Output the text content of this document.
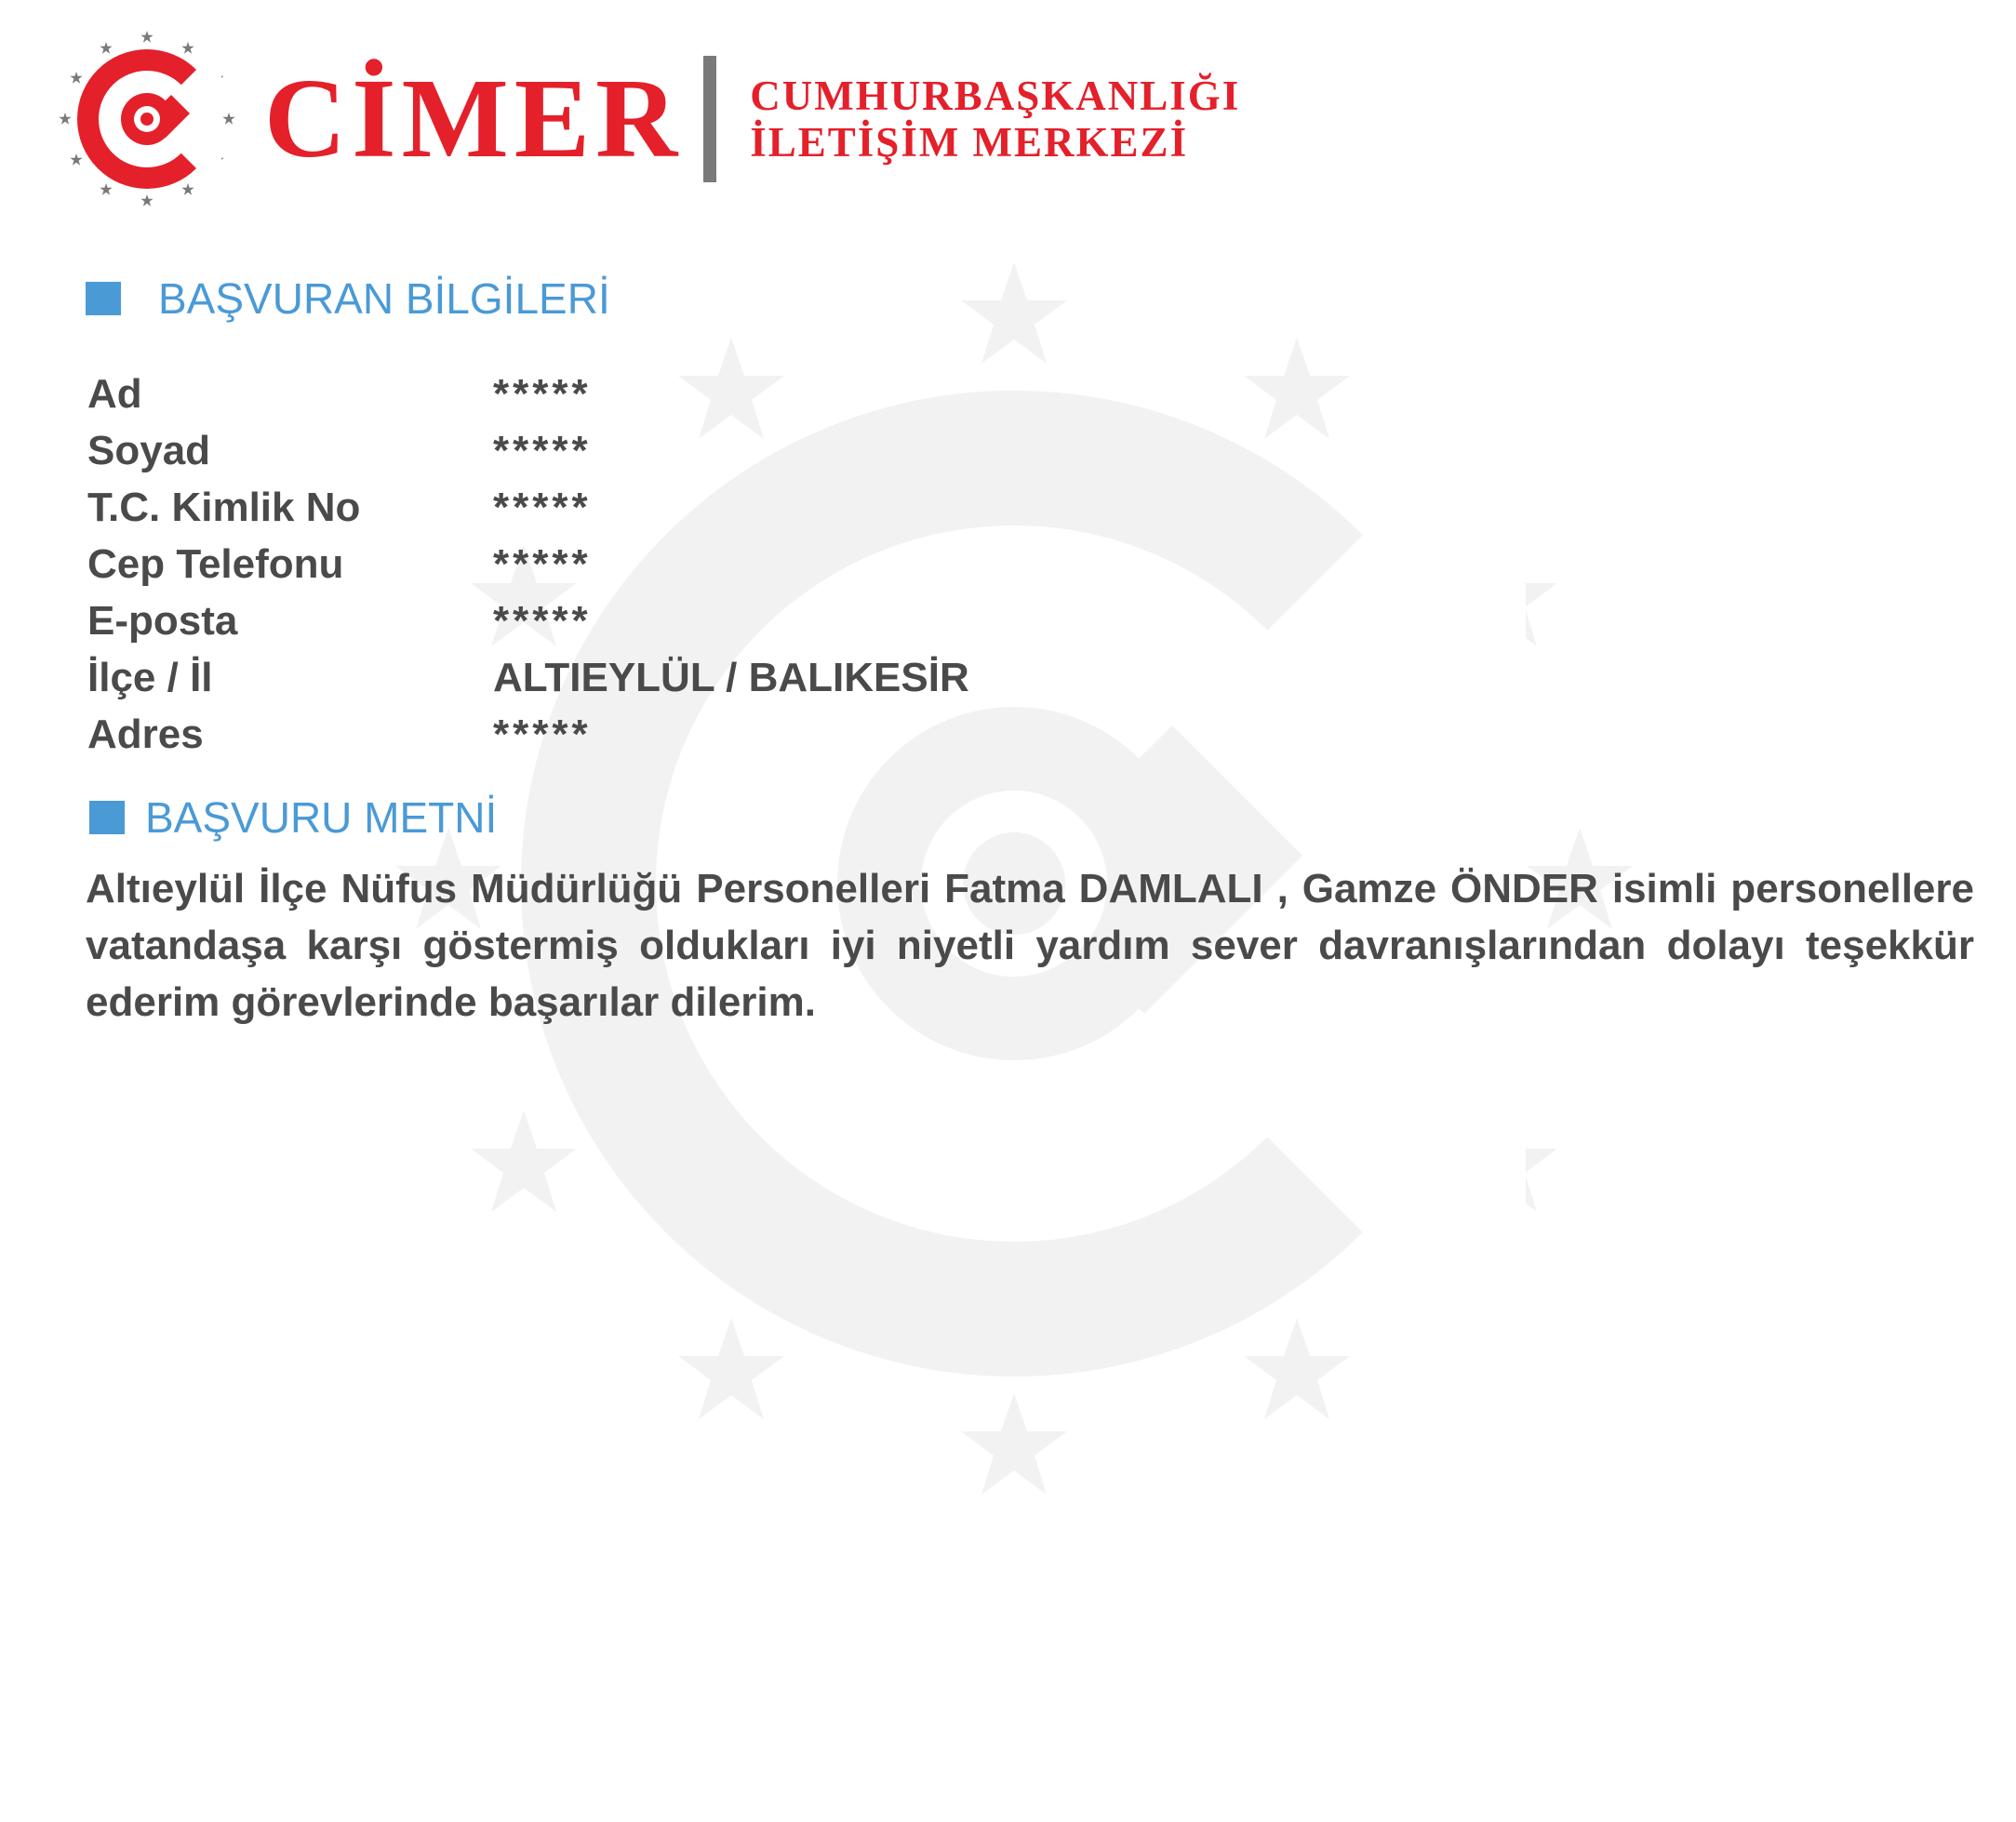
CİMER CUMHURBAŞKANLIĞI
İLETİŞİM MERKEZİ
BAŞVURAN BİLGİLERİ
Ad	*****
Soyad	*****
T.C. Kimlik No	*****
Cep Telefonu	*****
E-posta	*****
İlçe / İl	ALTIEYLÜL / BALIKESİR
Adres	*****
BAŞVURU METNİ
Altıeylül İlçe Nüfus Müdürlüğü Personelleri Fatma DAMLALI , Gamze ÖNDER isimli personellere vatandaşa karşı göstermiş oldukları iyi niyetli yardım sever davranışlarından dolayı teşekkür ederim görevlerinde başarılar dilerim.
